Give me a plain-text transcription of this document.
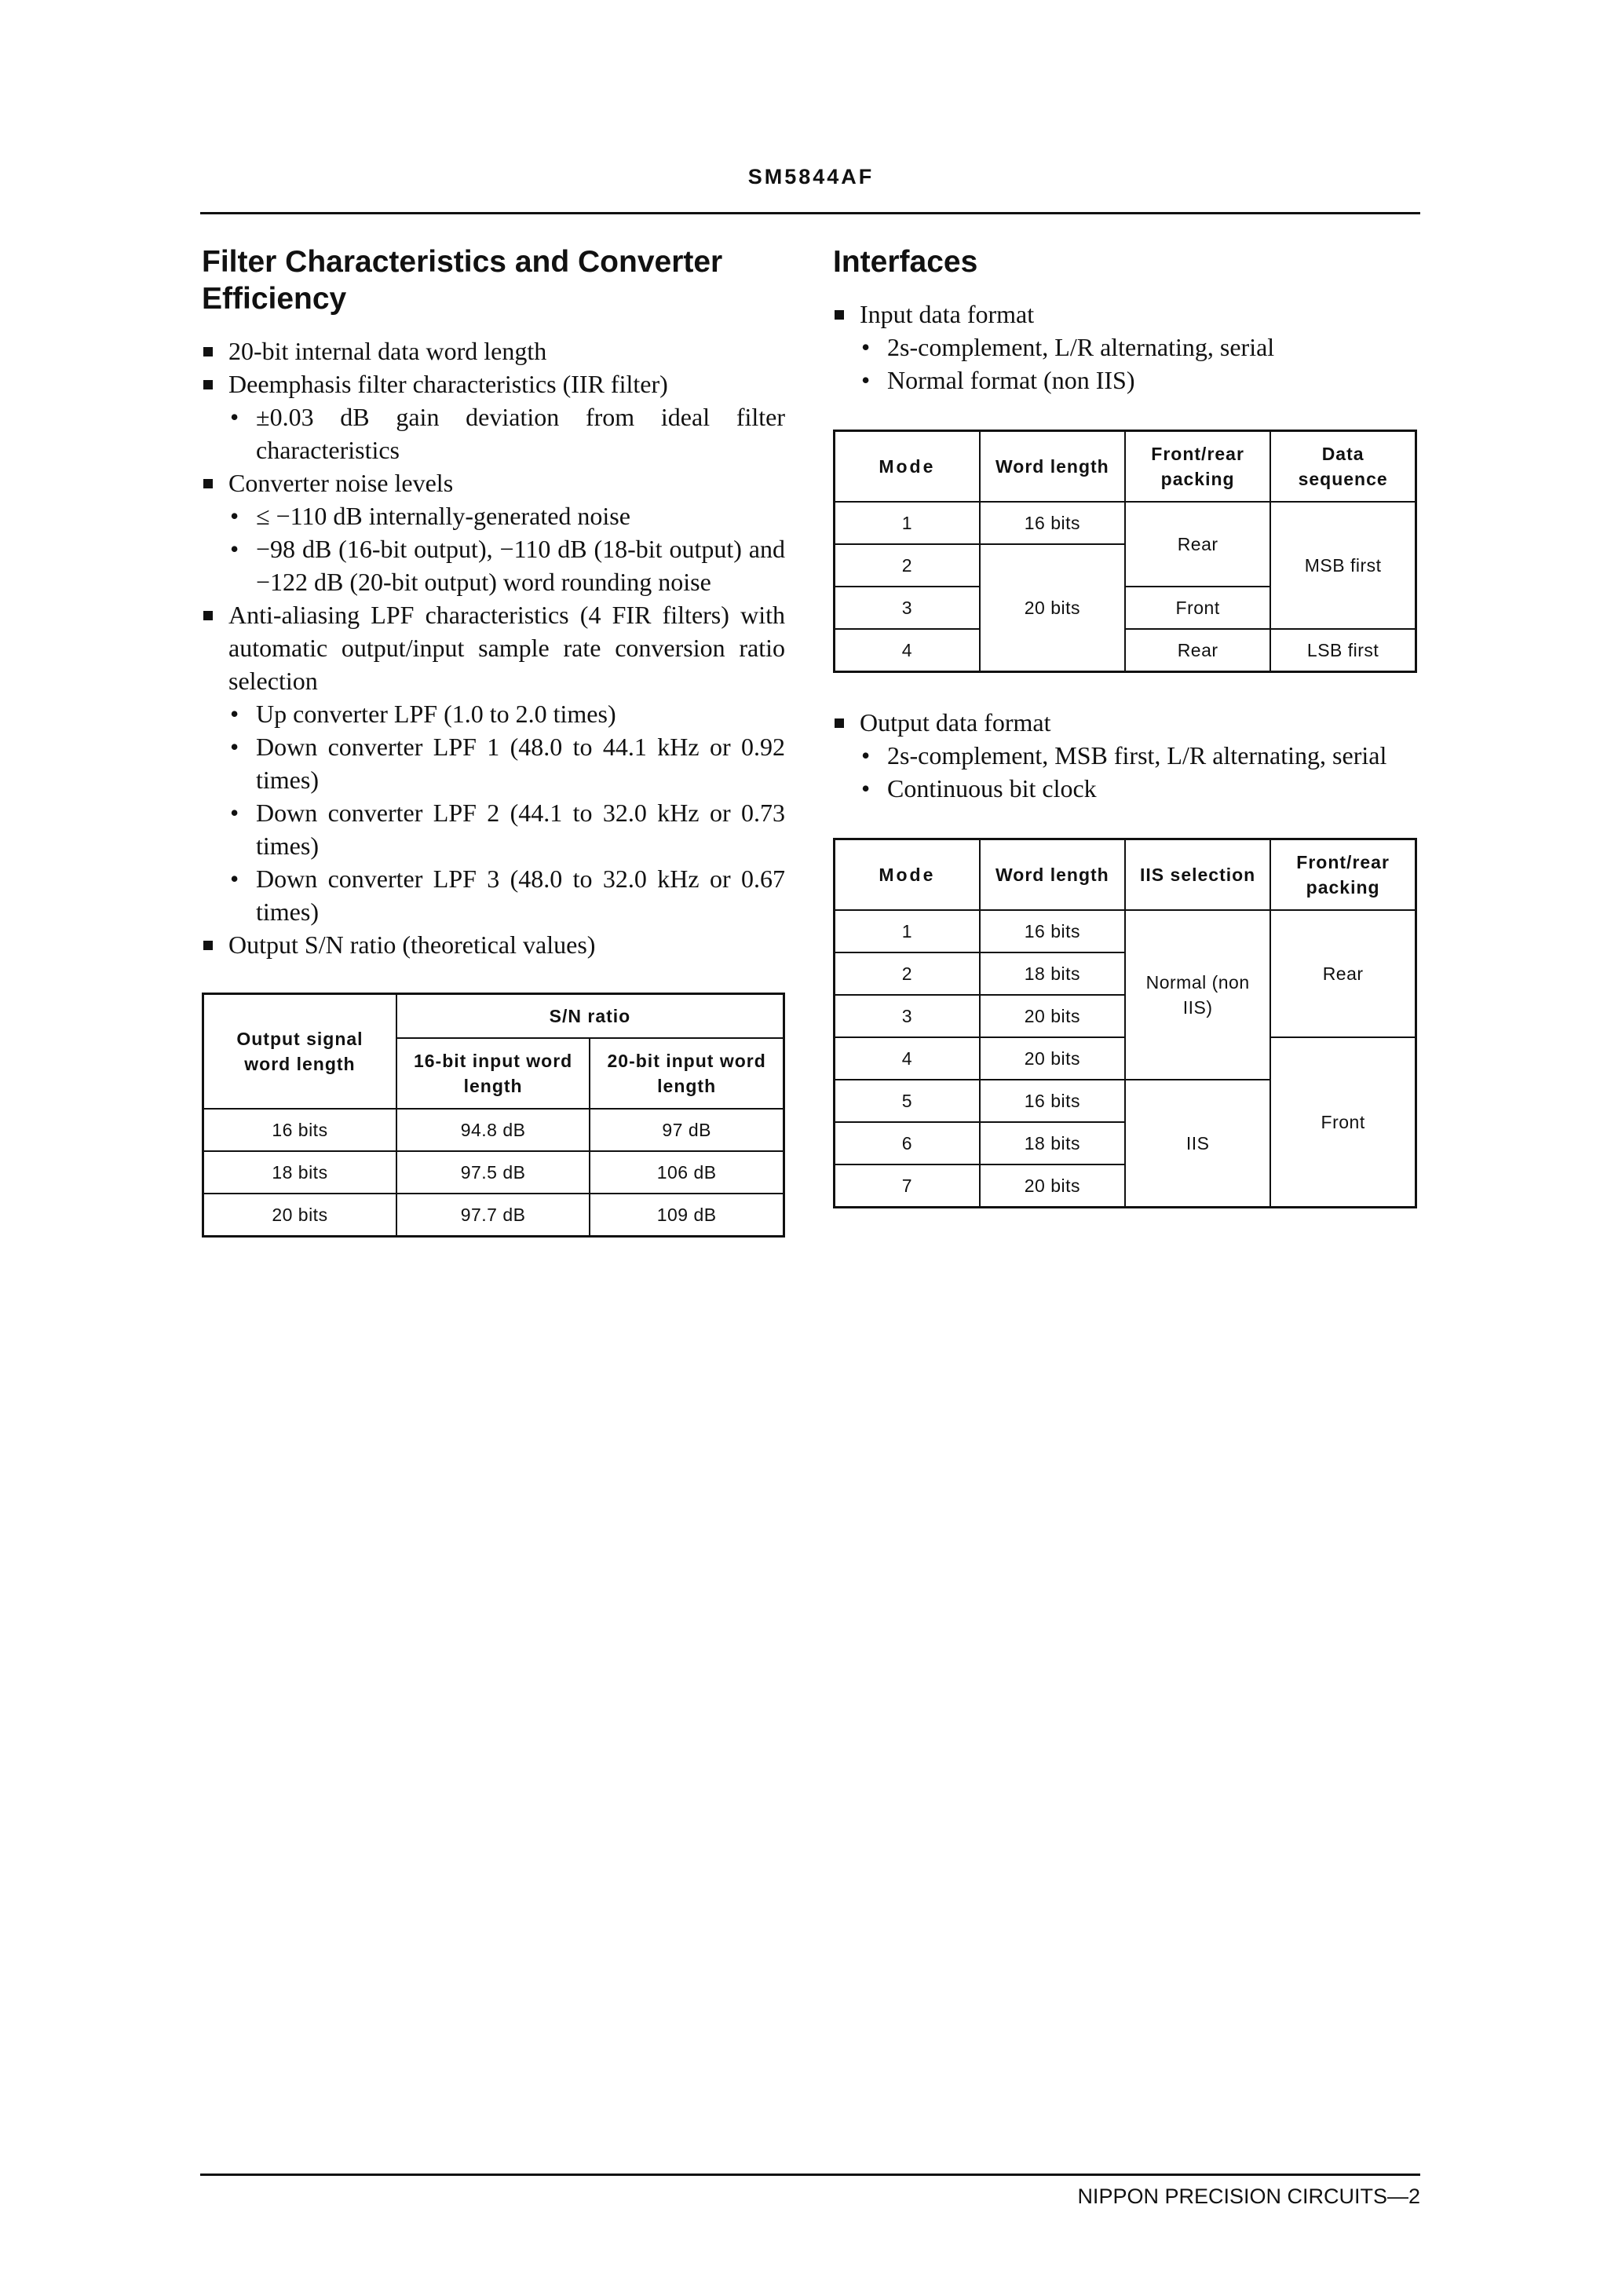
SM5844AF
Filter Characteristics and Converter
Efficiency
20-bit internal data word length
Deemphasis filter characteristics (IIR filter)
• ±0.03 dB gain deviation from ideal filter characteristics
Converter noise levels
• ≤ −110 dB internally-generated noise
• −98 dB (16-bit output), −110 dB (18-bit output) and −122 dB (20-bit output) word rounding noise
Anti-aliasing LPF characteristics (4 FIR filters) with automatic output/input sample rate conversion ratio selection
• Up converter LPF (1.0 to 2.0 times)
• Down converter LPF 1 (48.0 to 44.1 kHz or 0.92 times)
• Down converter LPF 2 (44.1 to 32.0 kHz or 0.73 times)
• Down converter LPF 3 (48.0 to 32.0 kHz or 0.67 times)
Output S/N ratio (theoretical values)
Output signal word length	S/N ratio	
	16-bit input word length	20-bit input word length
16 bits	94.8 dB	97 dB
18 bits	97.5 dB	106 dB
20 bits	97.7 dB	109 dB
Interfaces
Input data format
• 2s-complement, L/R alternating, serial
• Normal format (non IIS)
Mode	Word length	Front/rear packing	Data sequence
1	16 bits	Rear	MSB first
2	20 bits		
3		Front	
4		Rear	LSB first
Output data format
• 2s-complement, MSB first, L/R alternating, serial
• Continuous bit clock
Mode	Word length	IIS selection	Front/rear packing
1	16 bits	Normal (non IIS)	Rear
2	18 bits		
3	20 bits		
4	20 bits		Front
5	16 bits	IIS	
6	18 bits		
7	20 bits		
NIPPON PRECISION CIRCUITS—2
